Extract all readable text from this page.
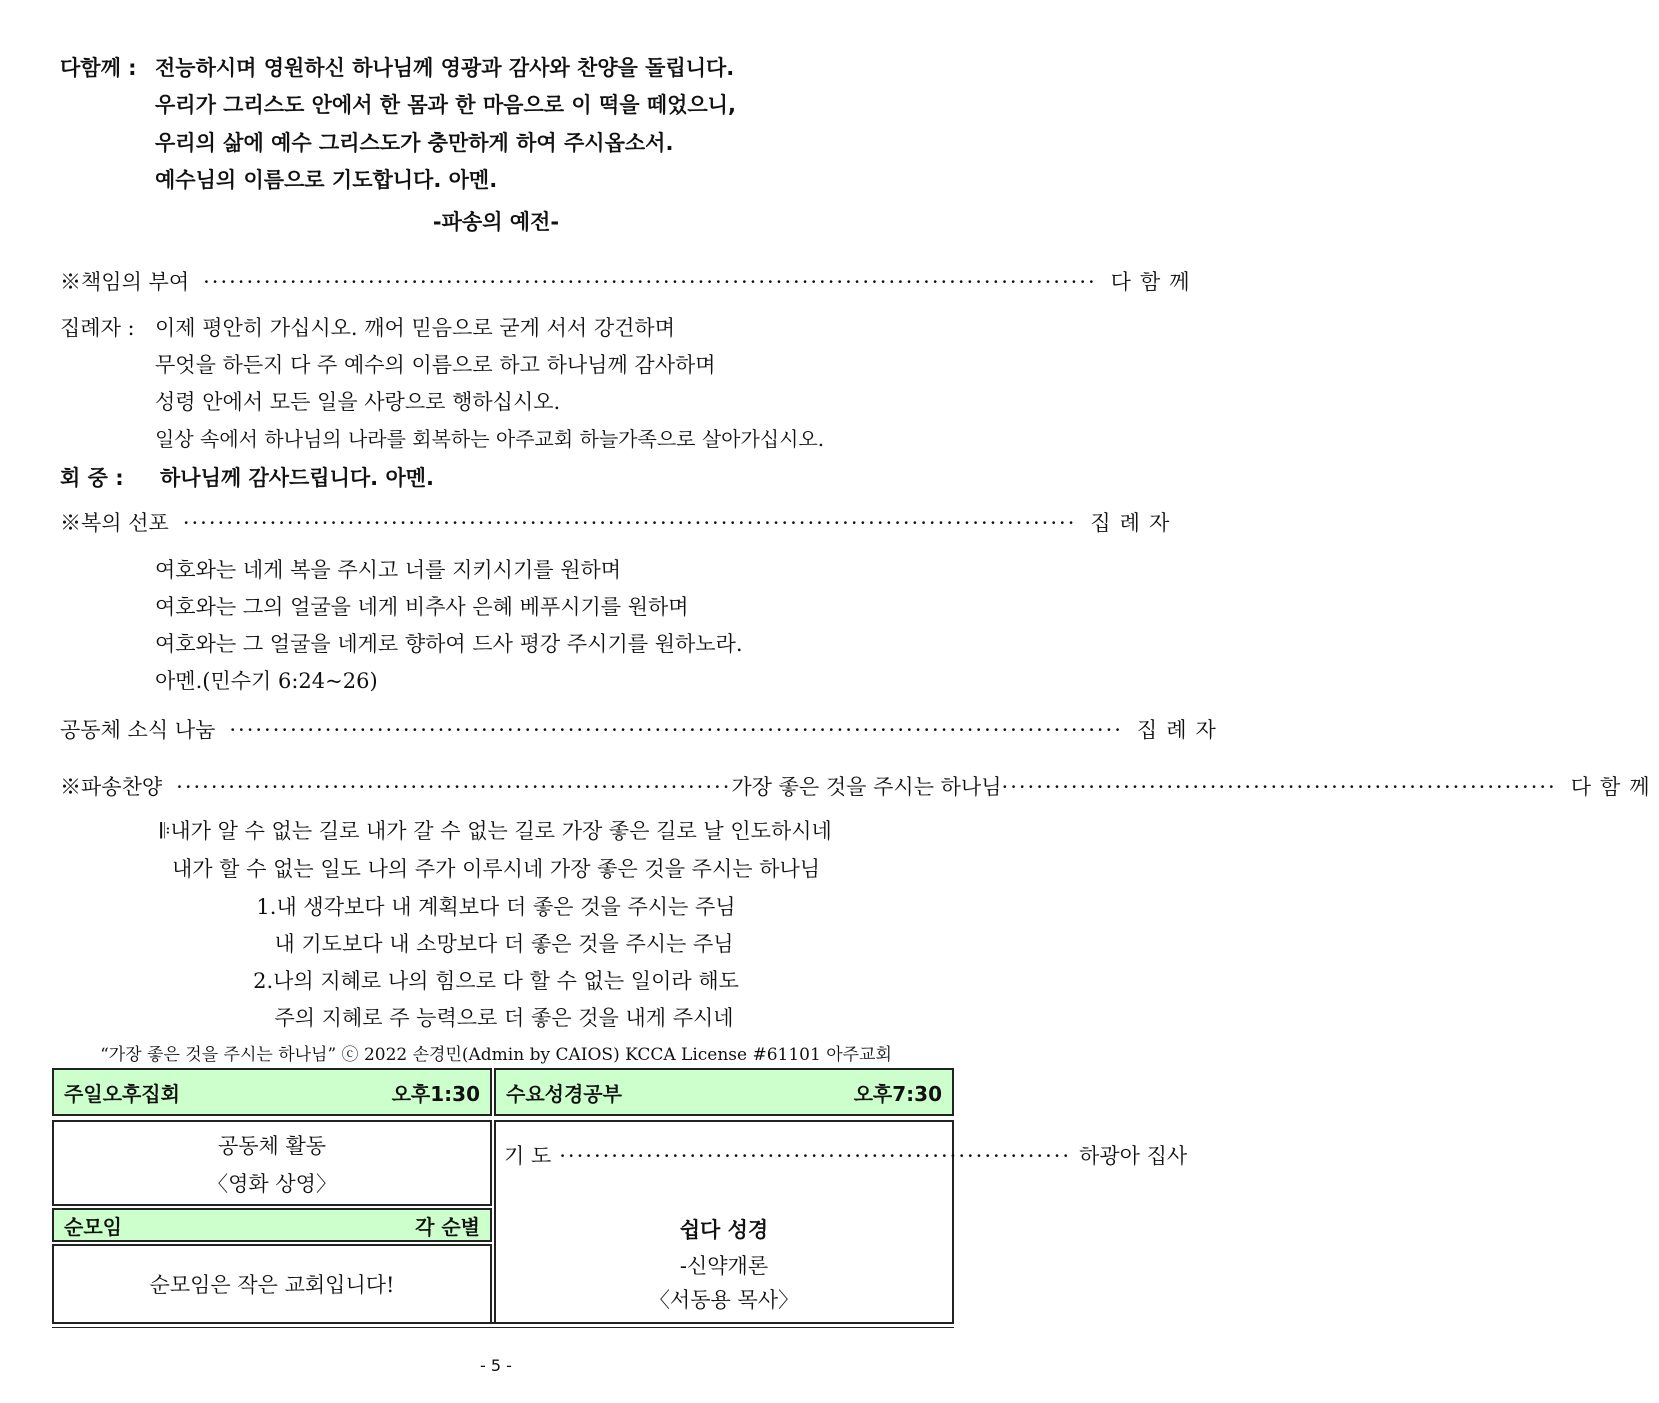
다함께 : 전능하시며 영원하신 하나님께 영광과 감사와 찬양을 돌립니다.
우리가 그리스도 안에서 한 몸과 한 마음으로 이 떡을 떼었으니,
우리의 삶에 예수 그리스도가 충만하게 하여 주시옵소서.
예수님의 이름으로 기도합니다. 아멘.
-파송의 예전-
※책임의 부여 ······································································································· 다함께
집례자 : 이제 평안히 가십시오. 깨어 믿음으로 굳게 서서 강건하며
무엇을 하든지 다 주 예수의 이름으로 하고 하나님께 감사하며
성령 안에서 모든 일을 사랑으로 행하십시오.
일상 속에서 하나님의 나라를 회복하는 아주교회 하늘가족으로 살아가십시오.
회 중 : 하나님께 감사드립니다. 아멘.
※복의 선포 ······································································································· 집례자
여호와는 네게 복을 주시고 너를 지키시기를 원하며
여호와는 그의 얼굴을 네게 비추사 은혜 베푸시기를 원하며
여호와는 그 얼굴을 네게로 향하여 드사 평강 주시기를 원하노라.
아멘.(민수기 6:24~26)
공동체 소식 나눔 ······································································································· 집례자
※파송찬양 ································································ 가장 좋은 것을 주시는 하나님 ································································ 다함께
𝄆내가 알 수 없는 길로 내가 갈 수 없는 길로 가장 좋은 길로 날 인도하시네
내가 할 수 없는 일도 나의 주가 이루시네 가장 좋은 것을 주시는 하나님
1.내 생각보다 내 계획보다 더 좋은 것을 주시는 주님
내 기도보다 내 소망보다 더 좋은 것을 주시는 주님
2.나의 지혜로 나의 힘으로 다 할 수 없는 일이라 해도
주의 지혜로 주 능력으로 더 좋은 것을 내게 주시네
“가장 좋은 것을 주시는 하나님” ⓒ 2022 손경민(Admin by CAIOS) KCCA License #61101 아주교회
주일오후집회	오후1:30 수요성경공부	오후7:30
공동체 활동
〈영화 상영〉
순모임	각 순별
순모임은 작은 교회입니다!
기 도 ··························································· 하광아 집사
쉽다 성경
-신약개론
〈서동용 목사〉
- 5 -
